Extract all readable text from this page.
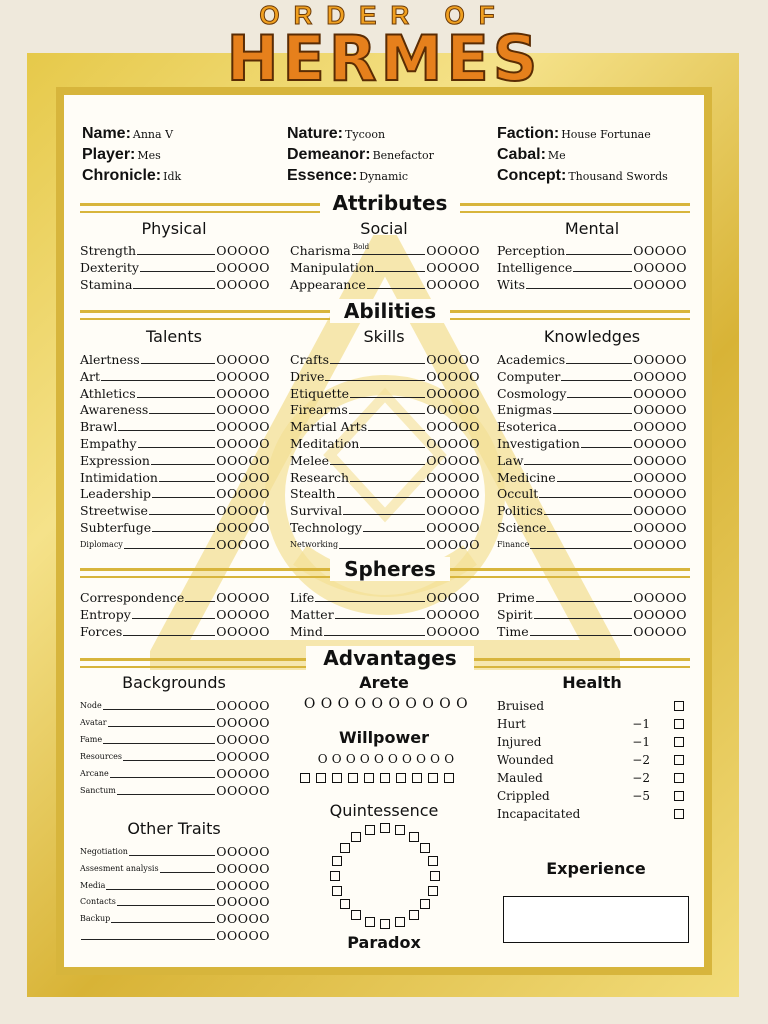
ORDER OF
HERMES
Name: Anna V
Player: Mes
Chronicle: Idk
Nature: Tycoon
Demeanor: Benefactor
Essence: Dynamic
Faction: House Fortunae
Cabal: Me
Concept: Thousand Swords
Attributes
Abilities
Spheres
Advantages
Physical	Social	Mental
Strength	OOOOO
Dexterity	OOOOO
Stamina	OOOOO
Charisma	OOOOO
Manipulation	OOOOO
Appearance	OOOOO
Perception	OOOOO
Intelligence	OOOOO
Wits	OOOOO
Bold
Talents	Skills	Knowledges
Alertness	OOOOO
Art	OOOOO
Athletics	OOOOO
Awareness	OOOOO
Brawl	OOOOO
Empathy	OOOOO
Expression	OOOOO
Intimidation	OOOOO
Leadership	OOOOO
Streetwise	OOOOO
Subterfuge	OOOOO
Diplomacy	OOOOO
Crafts	OOOOO
Drive	OOOOO
Etiquette	OOOOO
Firearms	OOOOO
Martial Arts	OOOOO
Meditation	OOOOO
Melee	OOOOO
Research	OOOOO
Stealth	OOOOO
Survival	OOOOO
Technology	OOOOO
Networking	OOOOO
Academics	OOOOO
Computer	OOOOO
Cosmology	OOOOO
Enigmas	OOOOO
Esoterica	OOOOO
Investigation	OOOOO
Law	OOOOO
Medicine	OOOOO
Occult	OOOOO
Politics	OOOOO
Science	OOOOO
Finance	OOOOO
Correspondence	OOOOO
Entropy	OOOOO
Forces	OOOOO
Life	OOOOO
Matter	OOOOO
Mind	OOOOO
Prime	OOOOO
Spirit	OOOOO
Time	OOOOO
Backgrounds
Node	OOOOO
Avatar	OOOOO
Fame	OOOOO
Resources	OOOOO
Arcane	OOOOO
Sanctum	OOOOO
Other Traits
Negotiation	OOOOO
Assesment analysis	OOOOO
Media	OOOOO
Contacts	OOOOO
Backup	OOOOO
OOOOO
Arete
O O O O O O O O O O
Willpower
O O O O O O O O O O
Quintessence
Paradox
Health
Bruised
Hurt	−1
Injured	−1
Wounded	−2
Mauled	−2
Crippled	−5
Incapacitated
Experience
